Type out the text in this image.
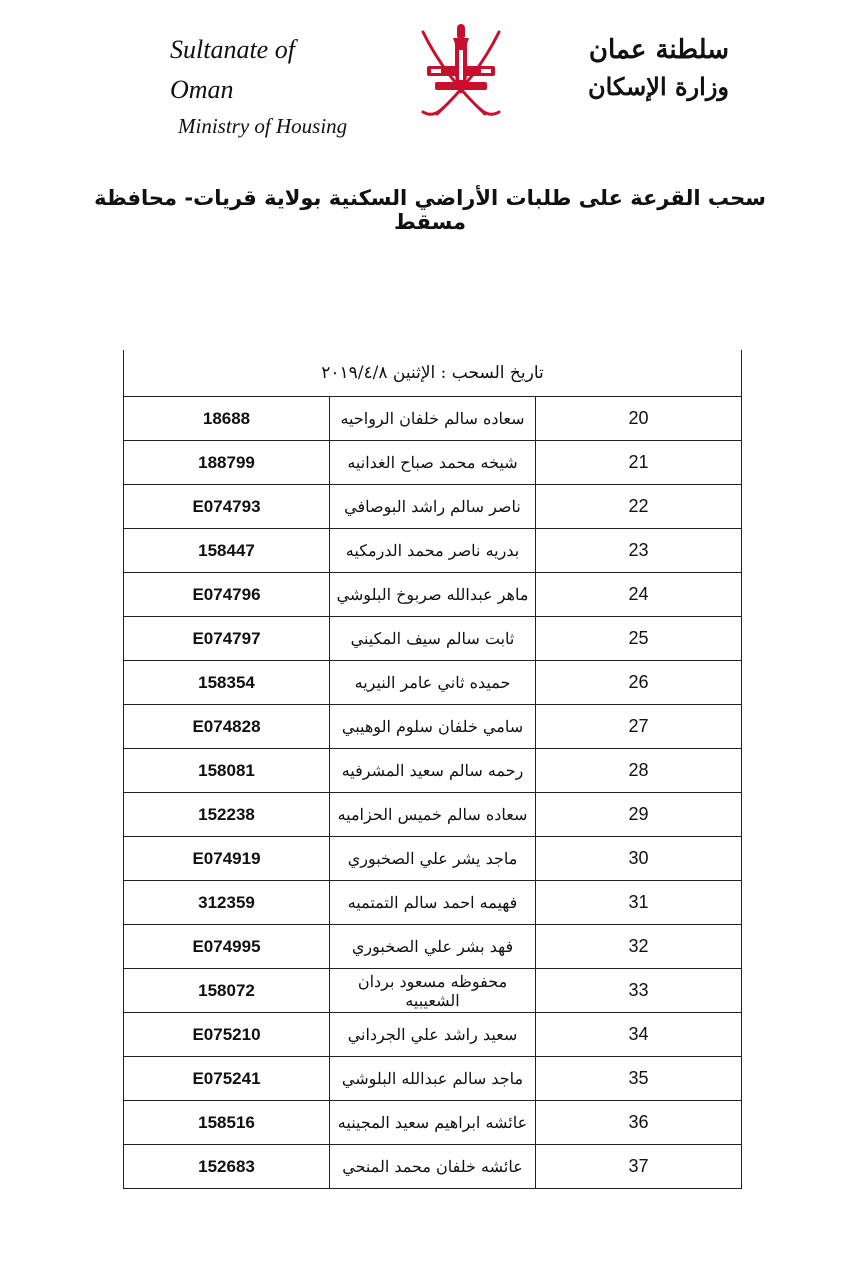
Sultanate of Oman
Ministry of Housing
سلطنة عمان
وزارة الإسكان
سحب القرعة على طلبات الأراضي السكنية بولاية قريات- محافظة مسقط
تاريخ السحب : الإثنين ٢٠١٩/٤/٨		
18688	سعاده سالم خلفان الرواحيه	20
188799	شيخه محمد صباح الغدانيه	21
E074793	ناصر سالم راشد البوصافي	22
158447	بدريه ناصر محمد الدرمكيه	23
E074796	ماهر عبدالله صربوخ البلوشي	24
E074797	ثابت سالم سيف المكيني	25
158354	حميده ثاني عامر النيريه	26
E074828	سامي خلفان سلوم الوهيبي	27
158081	رحمه سالم سعيد المشرفيه	28
152238	سعاده سالم خميس الحزاميه	29
E074919	ماجد يشر علي الصخبوري	30
312359	فهيمه احمد سالم التمتميه	31
E074995	فهد بشر علي الصخبوري	32
158072	محفوظه مسعود بردان الشعيبيه	33
E075210	سعيد راشد علي الجرداني	34
E075241	ماجد سالم عبدالله البلوشي	35
158516	عائشه ابراهيم سعيد المجينيه	36
152683	عائشه خلفان محمد المنحي	37
